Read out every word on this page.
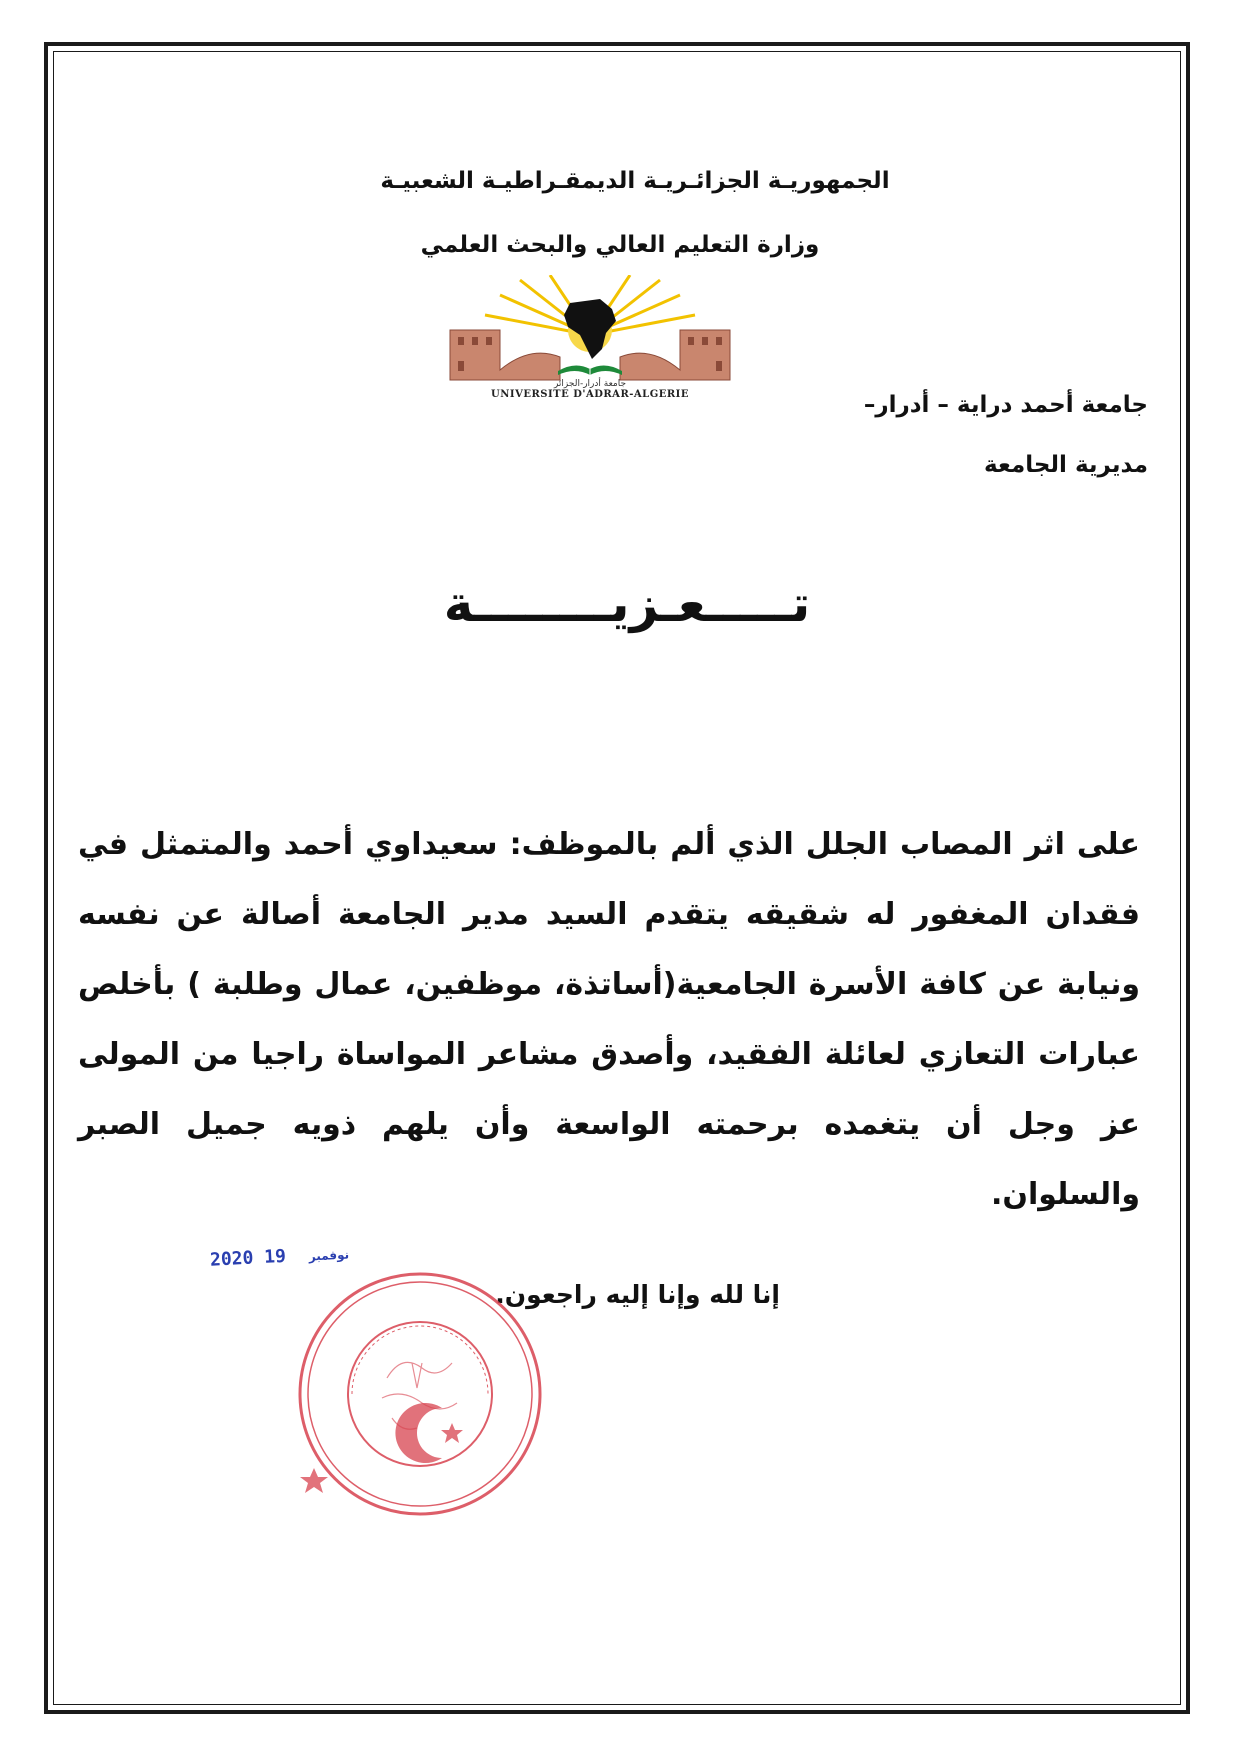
الجمهوريـة الجزائـريـة الديمقـراطيـة الشعبيـة
وزارة التعليم العالي والبحث العلمي
جامعة أدرار-الجزائر
UNIVERSITE D'ADRAR-ALGERIE	جامعة أحمد دراية – أدرار–
مديرية الجامعة
تـــــعـزيــــــــة
على اثر المصاب الجلل الذي ألم بالموظف: سعيداوي أحمد والمتمثل في فقدان المغفور له شقيقه يتقدم السيد مدير الجامعة أصالة عن نفسه ونيابة عن كافة الأسرة الجامعية(أساتذة، موظفين، عمال وطلبة ) بأخلص عبارات التعازي لعائلة الفقيد، وأصدق مشاعر المواساة راجيا من المولى عز وجل أن يتغمده برحمته الواسعة وأن يلهم ذويه جميل الصبر والسلوان.
إنا لله وإنا إليه راجعون.
2020	نوفمبر 19
